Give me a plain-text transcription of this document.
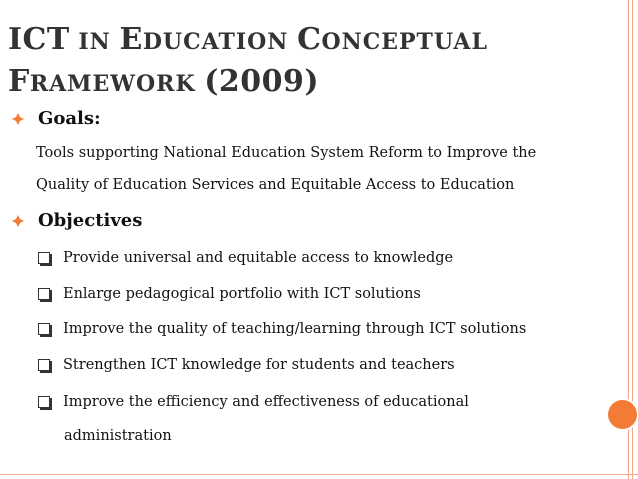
ICT IN EDUCATION CONCEPTUAL
FRAMEWORK (2009)
Goals:
Tools supporting National Education System Reform to Improve the
Quality of Education Services and Equitable Access to Education
Objectives
Provide universal and equitable access to knowledge
Enlarge pedagogical portfolio with ICT solutions
Improve the quality of teaching/learning through ICT solutions
Strengthen ICT knowledge for students and teachers
Improve the efficiency and effectiveness of educational
administration
